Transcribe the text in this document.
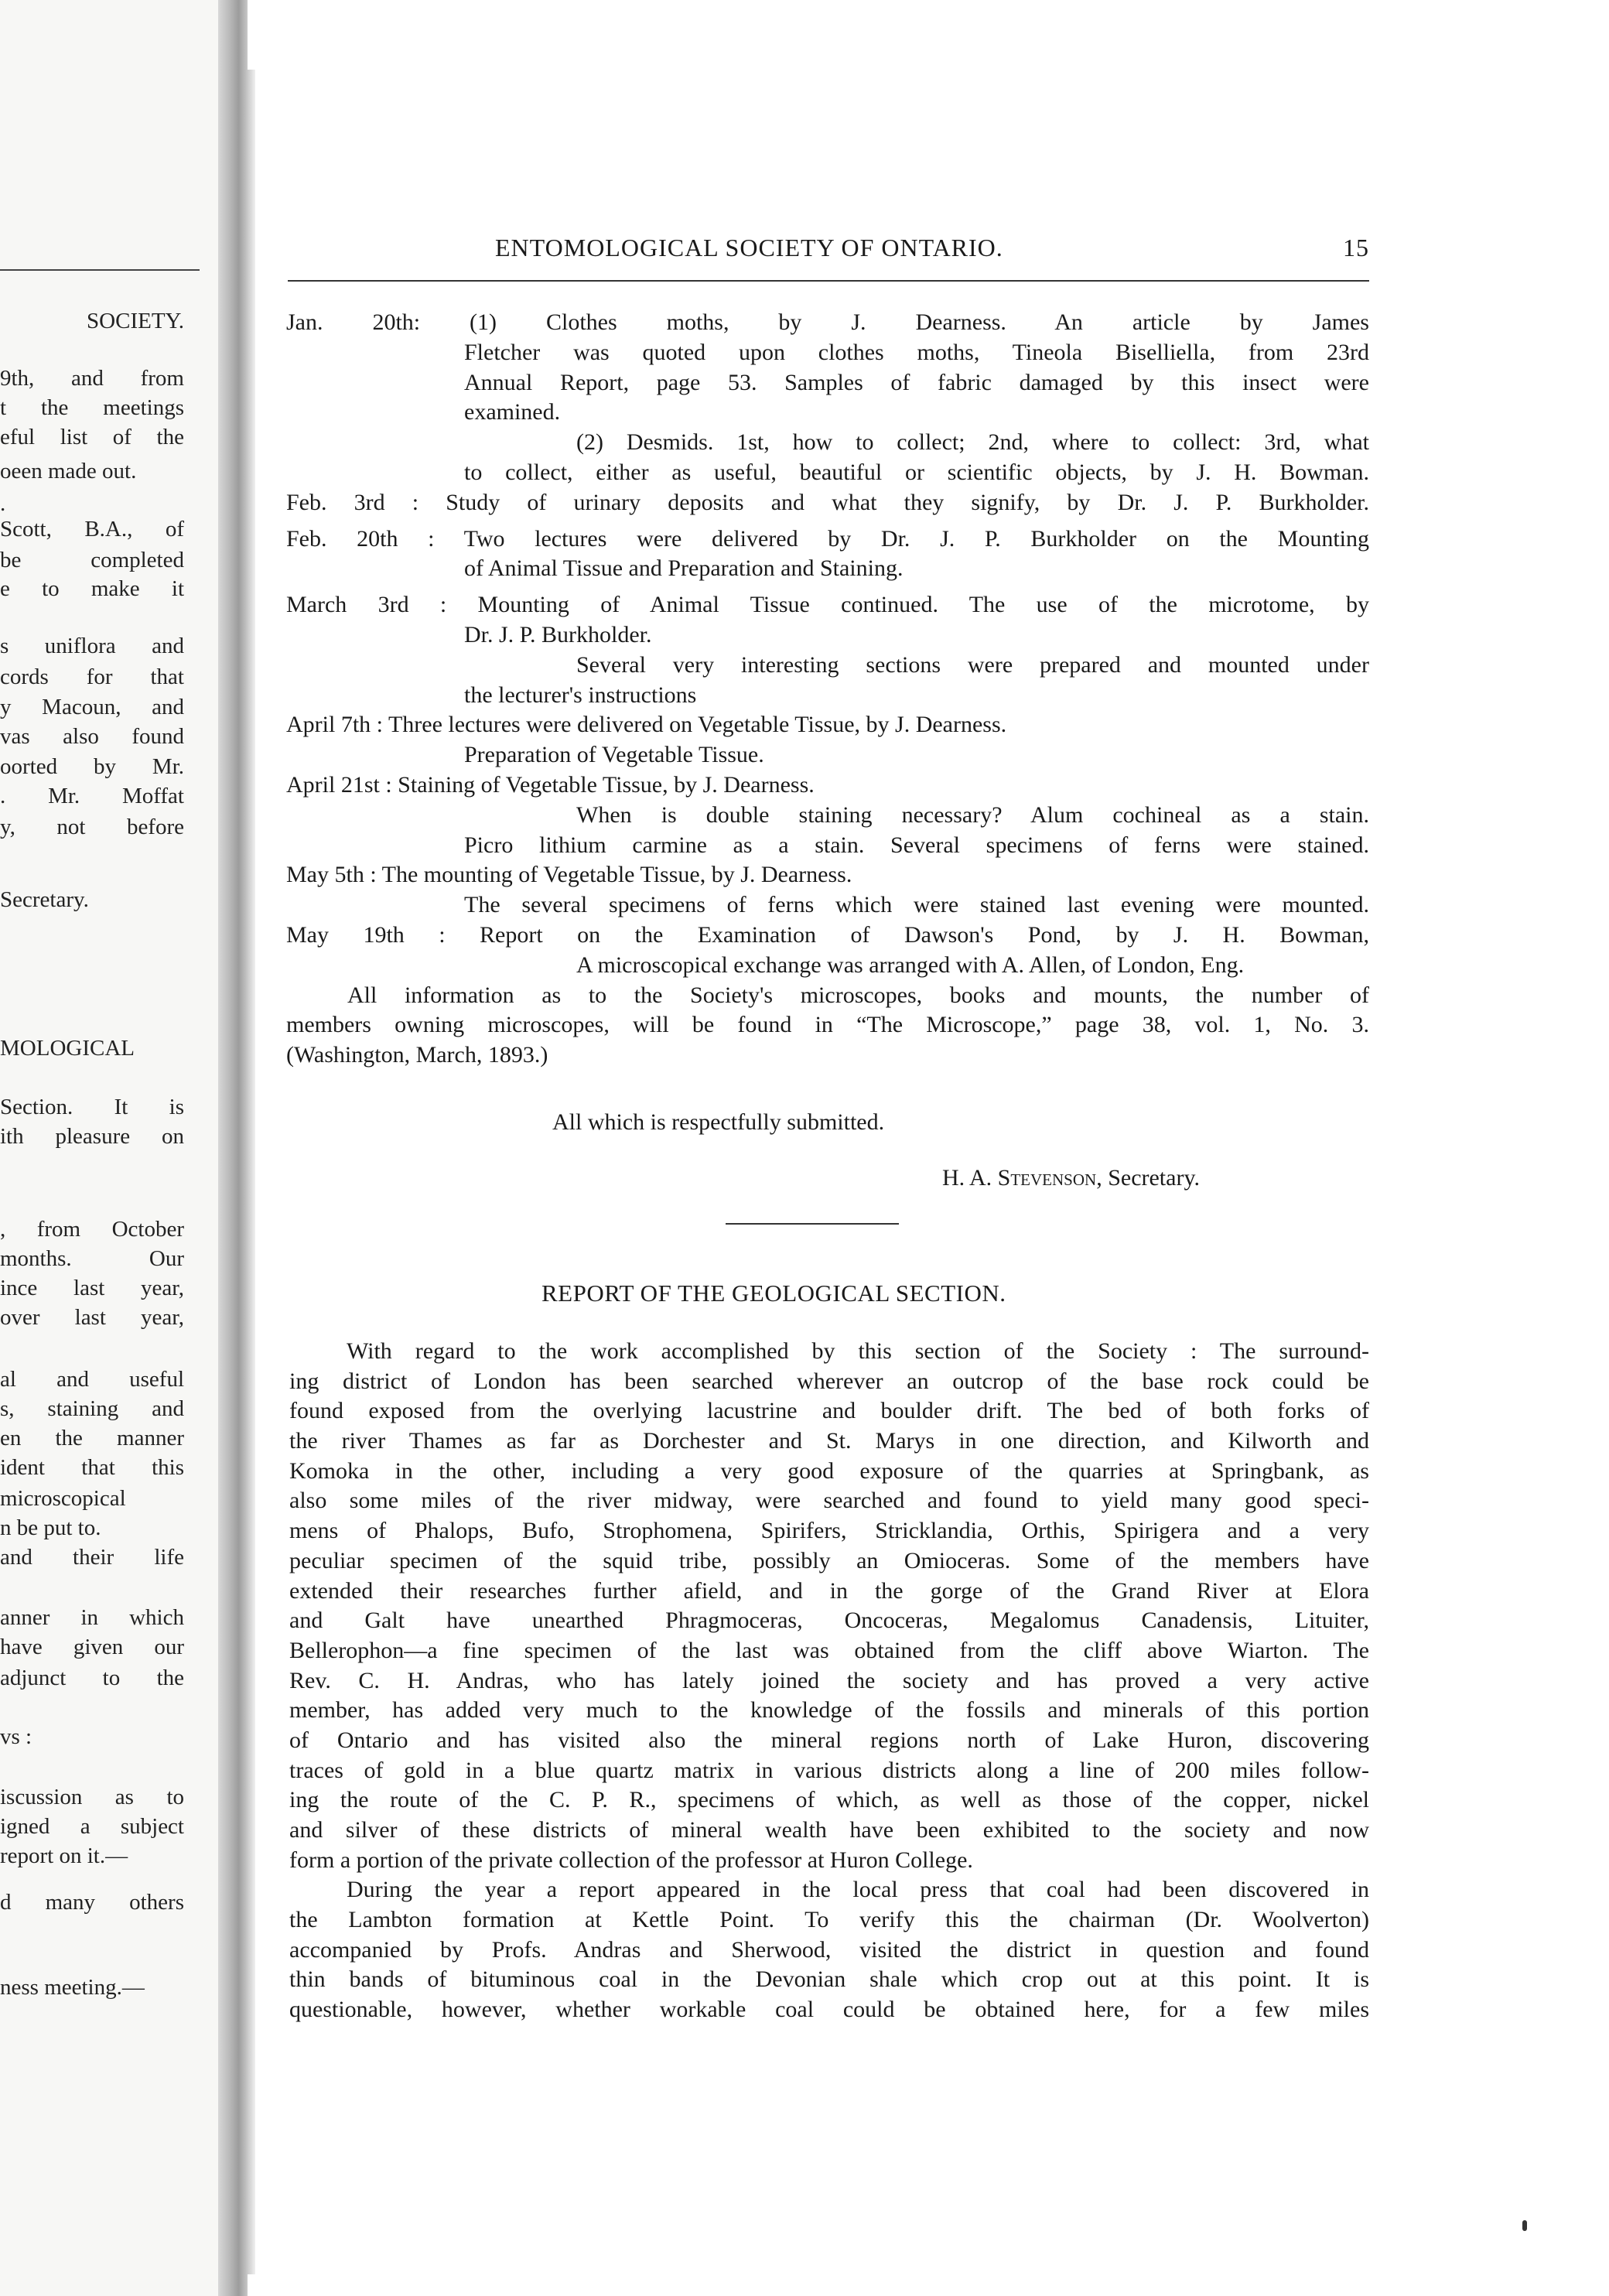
SOCIETY.
9th, and from
t the meetings
eful list of the
oeen made out.
.
Scott, B.A., of
be completed
e to make it
s uniflora and
cords for that
y Macoun, and
vas also found
oorted by Mr.
. Mr. Moffat
y, not before
Secretary.
MOLOGICAL
Section. It is
ith pleasure on
, from October
months. Our
ince last year,
over last year,
al and useful
s, staining and
en the manner
ident that this
microscopical
n be put to.
and their life
anner in which
have given our
adjunct to the
vs :
iscussion as to
igned a subject
report on it.—
d many others
ness meeting.—
ENTOMOLOGICAL SOCIETY OF ONTARIO.	15
Jan. 20th: (1) Clothes moths, by J. Dearness. An article by James
Fletcher was quoted upon clothes moths, Tineola Biselliella, from 23rd
Annual Report, page 53. Samples of fabric damaged by this insect were
examined.
(2) Desmids. 1st, how to collect; 2nd, where to collect: 3rd, what
to collect, either as useful, beautiful or scientific objects, by J. H. Bowman.
Feb. 3rd : Study of urinary deposits and what they signify, by Dr. J. P. Burkholder.
Feb. 20th : Two lectures were delivered by Dr. J. P. Burkholder on the Mounting
of Animal Tissue and Preparation and Staining.
March 3rd : Mounting of Animal Tissue continued. The use of the microtome, by
Dr. J. P. Burkholder.
Several very interesting sections were prepared and mounted under
the lecturer's instructions
April 7th : Three lectures were delivered on Vegetable Tissue, by J. Dearness.
Preparation of Vegetable Tissue.
April 21st : Staining of Vegetable Tissue, by J. Dearness.
When is double staining necessary? Alum cochineal as a stain.
Picro lithium carmine as a stain. Several specimens of ferns were stained.
May 5th : The mounting of Vegetable Tissue, by J. Dearness.
The several specimens of ferns which were stained last evening were mounted.
May 19th : Report on the Examination of Dawson's Pond, by J. H. Bowman,
A microscopical exchange was arranged with A. Allen, of London, Eng.
All information as to the Society's microscopes, books and mounts, the number of
members owning microscopes, will be found in “The Microscope,” page 38, vol. 1, No. 3.
(Washington, March, 1893.)
All which is respectfully submitted.
H. A. Stevenson, Secretary.
REPORT OF THE GEOLOGICAL SECTION.
With regard to the work accomplished by this section of the Society : The surround-
ing district of London has been searched wherever an outcrop of the base rock could be
found exposed from the overlying lacustrine and boulder drift. The bed of both forks of
the river Thames as far as Dorchester and St. Marys in one direction, and Kilworth and
Komoka in the other, including a very good exposure of the quarries at Springbank, as
also some miles of the river midway, were searched and found to yield many good speci-
mens of Phalops, Bufo, Strophomena, Spirifers, Stricklandia, Orthis, Spirigera and a very
peculiar specimen of the squid tribe, possibly an Omioceras. Some of the members have
extended their researches further afield, and in the gorge of the Grand River at Elora
and Galt have unearthed Phragmoceras, Oncoceras, Megalomus Canadensis, Lituiter,
Bellerophon—a fine specimen of the last was obtained from the cliff above Wiarton. The
Rev. C. H. Andras, who has lately joined the society and has proved a very active
member, has added very much to the knowledge of the fossils and minerals of this portion
of Ontario and has visited also the mineral regions north of Lake Huron, discovering
traces of gold in a blue quartz matrix in various districts along a line of 200 miles follow-
ing the route of the C. P. R., specimens of which, as well as those of the copper, nickel
and silver of these districts of mineral wealth have been exhibited to the society and now
form a portion of the private collection of the professor at Huron College.
During the year a report appeared in the local press that coal had been discovered in
the Lambton formation at Kettle Point. To verify this the chairman (Dr. Woolverton)
accompanied by Profs. Andras and Sherwood, visited the district in question and found
thin bands of bituminous coal in the Devonian shale which crop out at this point. It is
questionable, however, whether workable coal could be obtained here, for a few miles
